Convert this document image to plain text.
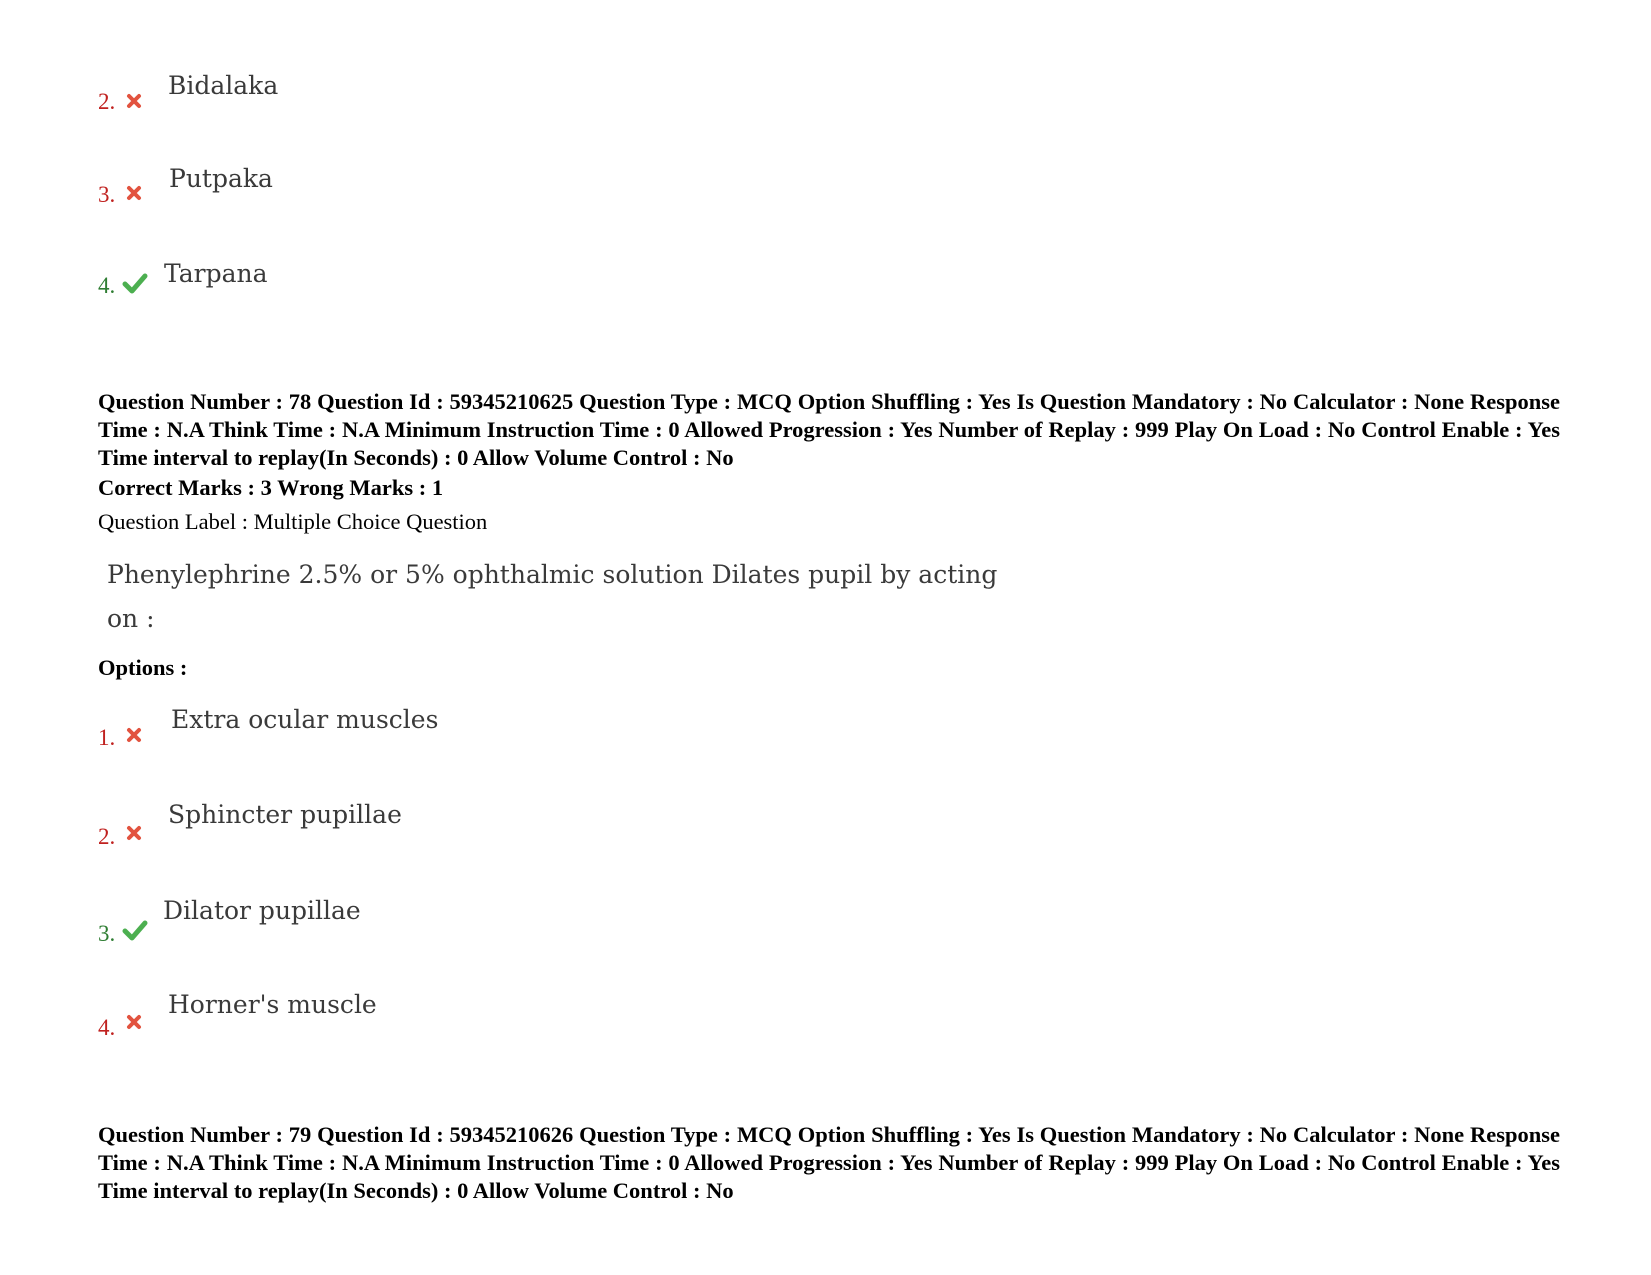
2.
Bidalaka
3.
Putpaka
4. Tarpana
Question Number : 78 Question Id : 59345210625 Question Type : MCQ Option Shuffling : Yes Is Question Mandatory : No Calculator : None Response Time : N.A Think Time : N.A Minimum Instruction Time : 0 Allowed Progression : Yes Number of Replay : 999 Play On Load : No Control Enable : Yes Time interval to replay(In Seconds) : 0 Allow Volume Control : No
Correct Marks : 3 Wrong Marks : 1
Question Label : Multiple Choice Question
Phenylephrine 2.5% or 5% ophthalmic solution Dilates pupil by acting
on :
Options :
1.
Extra ocular muscles
2.
Sphincter pupillae
3.
Dilator pupillae
4.
Horner's muscle
Question Number : 79 Question Id : 59345210626 Question Type : MCQ Option Shuffling : Yes Is Question Mandatory : No Calculator : None Response Time : N.A Think Time : N.A Minimum Instruction Time : 0 Allowed Progression : Yes Number of Replay : 999 Play On Load : No Control Enable : Yes Time interval to replay(In Seconds) : 0 Allow Volume Control : No
